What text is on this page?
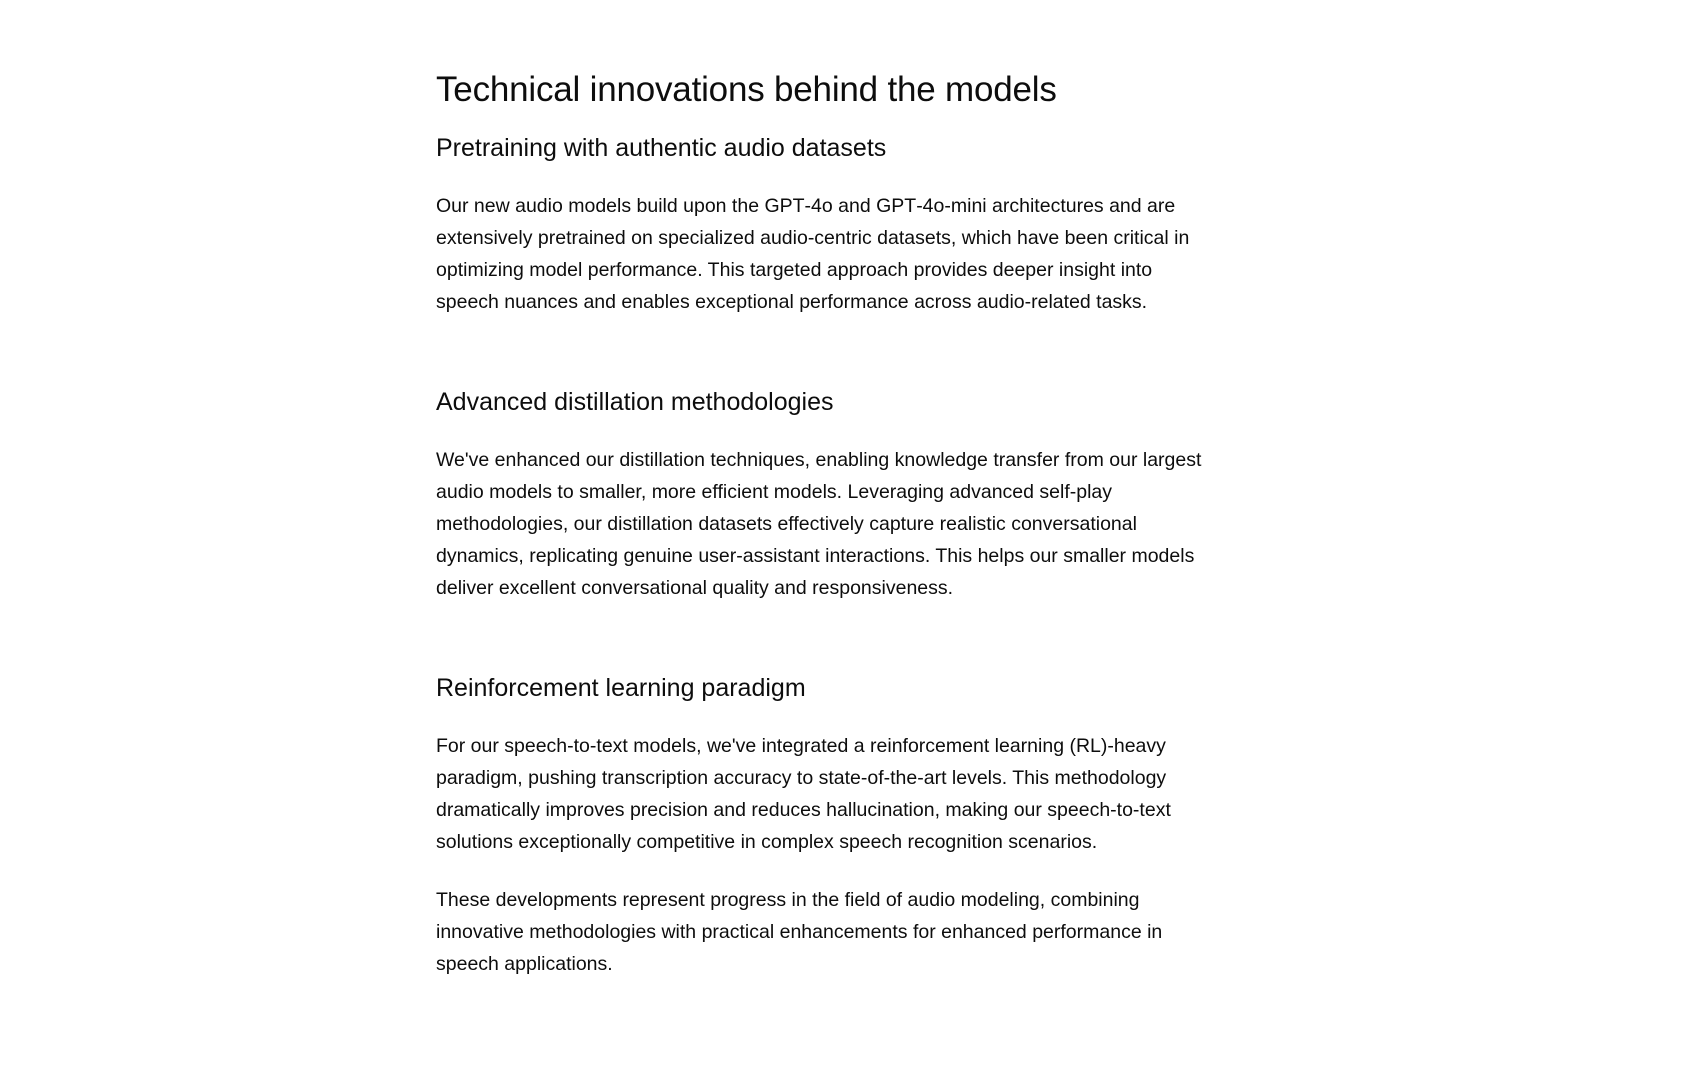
Technical innovations behind the models
Pretraining with authentic audio datasets

Our new audio models build upon the GPT‑4o and GPT‑4o‑mini architectures and are extensively pretrained on specialized audio-centric datasets, which have been critical in optimizing model performance. This targeted approach provides deeper insight into speech nuances and enables exceptional performance across audio-related tasks.

Advanced distillation methodologies

We've enhanced our distillation techniques, enabling knowledge transfer from our largest audio models to smaller, more efficient models. Leveraging advanced self-play methodologies, our distillation datasets effectively capture realistic conversational dynamics, replicating genuine user-assistant interactions. This helps our smaller models deliver excellent conversational quality and responsiveness.

Reinforcement learning paradigm

For our speech-to-text models, we've integrated a reinforcement learning (RL)-heavy paradigm, pushing transcription accuracy to state-of-the-art levels. This methodology dramatically improves precision and reduces hallucination, making our speech-to-text solutions exceptionally competitive in complex speech recognition scenarios.

These developments represent progress in the field of audio modeling, combining innovative methodologies with practical enhancements for enhanced performance in speech applications.
